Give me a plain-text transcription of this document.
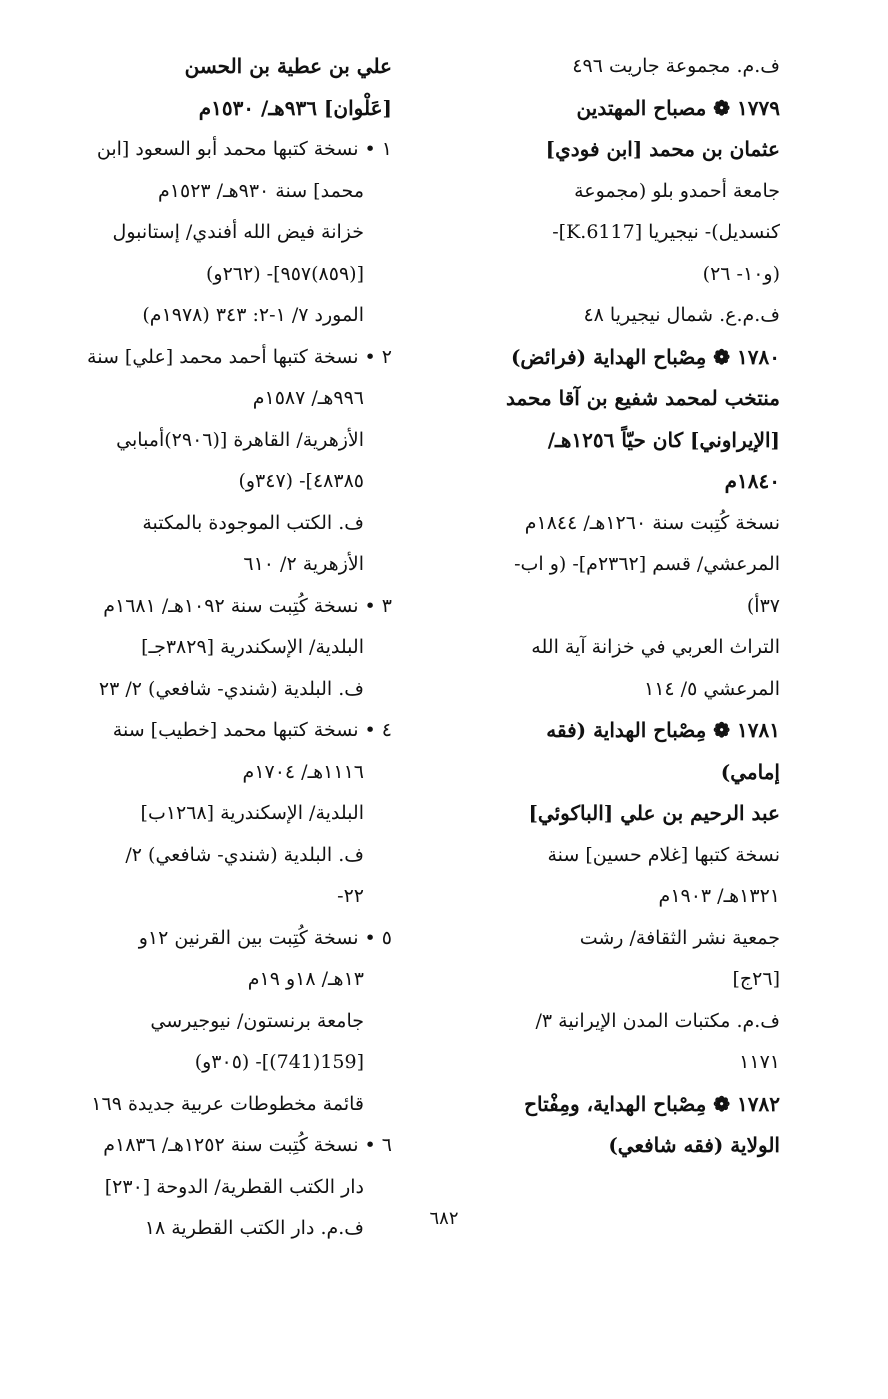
ف.م. مجموعة جاريت ٤٩٦
١٧٧٩ ❁ مصباح المهتدين
عثمان بن محمد [ابن فودي]
جامعة أحمدو بلو (مجموعة
كنسديل)- نيجيريا [K.6117]-
(و١٠- ٢٦)
ف.م.ع. شمال نيجيريا ٤٨
١٧٨٠ ❁ مِصْباح الهداية (فرائض)
منتخب لمحمد شفيع بن آقا محمد
[الإيراوني] كان حيّاً ١٢٥٦هـ/
١٨٤٠م
نسخة كُتِبت سنة ١٢٦٠هـ/ ١٨٤٤م
المرعشي/ قسم [٢٣٦٢م]- (و اب-
٣٧أ)
التراث العربي في خزانة آية الله
المرعشي ٥/ ١١٤
١٧٨١ ❁ مِصْباح الهداية (فقه
إمامي)
عبد الرحيم بن علي [الباكوئي]
نسخة كتبها [غلام حسين] سنة
١٣٢١هـ/ ١٩٠٣م
جمعية نشر الثقافة/ رشت
[٢٦ج]
ف.م. مكتبات المدن الإيرانية ٣/
١١٧١
١٧٨٢ ❁ مِصْباح الهداية، ومِفْتاح
الولاية (فقه شافعي)
علي بن عطية بن الحسن
[عَلْوان] ٩٣٦هـ/ ١٥٣٠م
١ • نسخة كتبها محمد أبو السعود [ابن
محمد] سنة ٩٣٠هـ/ ١٥٢٣م
خزانة فيض الله أفندي/ إستانبول
[(٨٥٩)٩٥٧]- (٢٦٢و)
المورد ٧/ ١-٢: ٣٤٣ (١٩٧٨م)
٢ • نسخة كتبها أحمد محمد [علي] سنة
٩٩٦هـ/ ١٥٨٧م
الأزهرية/ القاهرة [(٢٩٠٦)أمبابي
٤٨٣٨٥]- (٣٤٧و)
ف. الكتب الموجودة بالمكتبة
الأزهرية ٢/ ٦١٠
٣ • نسخة كُتِبت سنة ١٠٩٢هـ/ ١٦٨١م
البلدية/ الإسكندرية [٣٨٢٩جـ]
ف. البلدية (شندي- شافعي) ٢/ ٢٣
٤ • نسخة كتبها محمد [خطيب] سنة
١١١٦هـ/ ١٧٠٤م
البلدية/ الإسكندرية [١٢٦٨ب]
ف. البلدية (شندي- شافعي) ٢/
٢٢-
٥ • نسخة كُتِبت بين القرنين ١٢و
١٣هـ/ ١٨و ١٩م
جامعة برنستون/ نيوجيرسي
[159(741)]- (٣٠٥و)
قائمة مخطوطات عربية جديدة ١٦٩
٦ • نسخة كُتِبت سنة ١٢٥٢هـ/ ١٨٣٦م
دار الكتب القطرية/ الدوحة [٢٣٠]
ف.م. دار الكتب القطرية ١٨	٦٨٢
